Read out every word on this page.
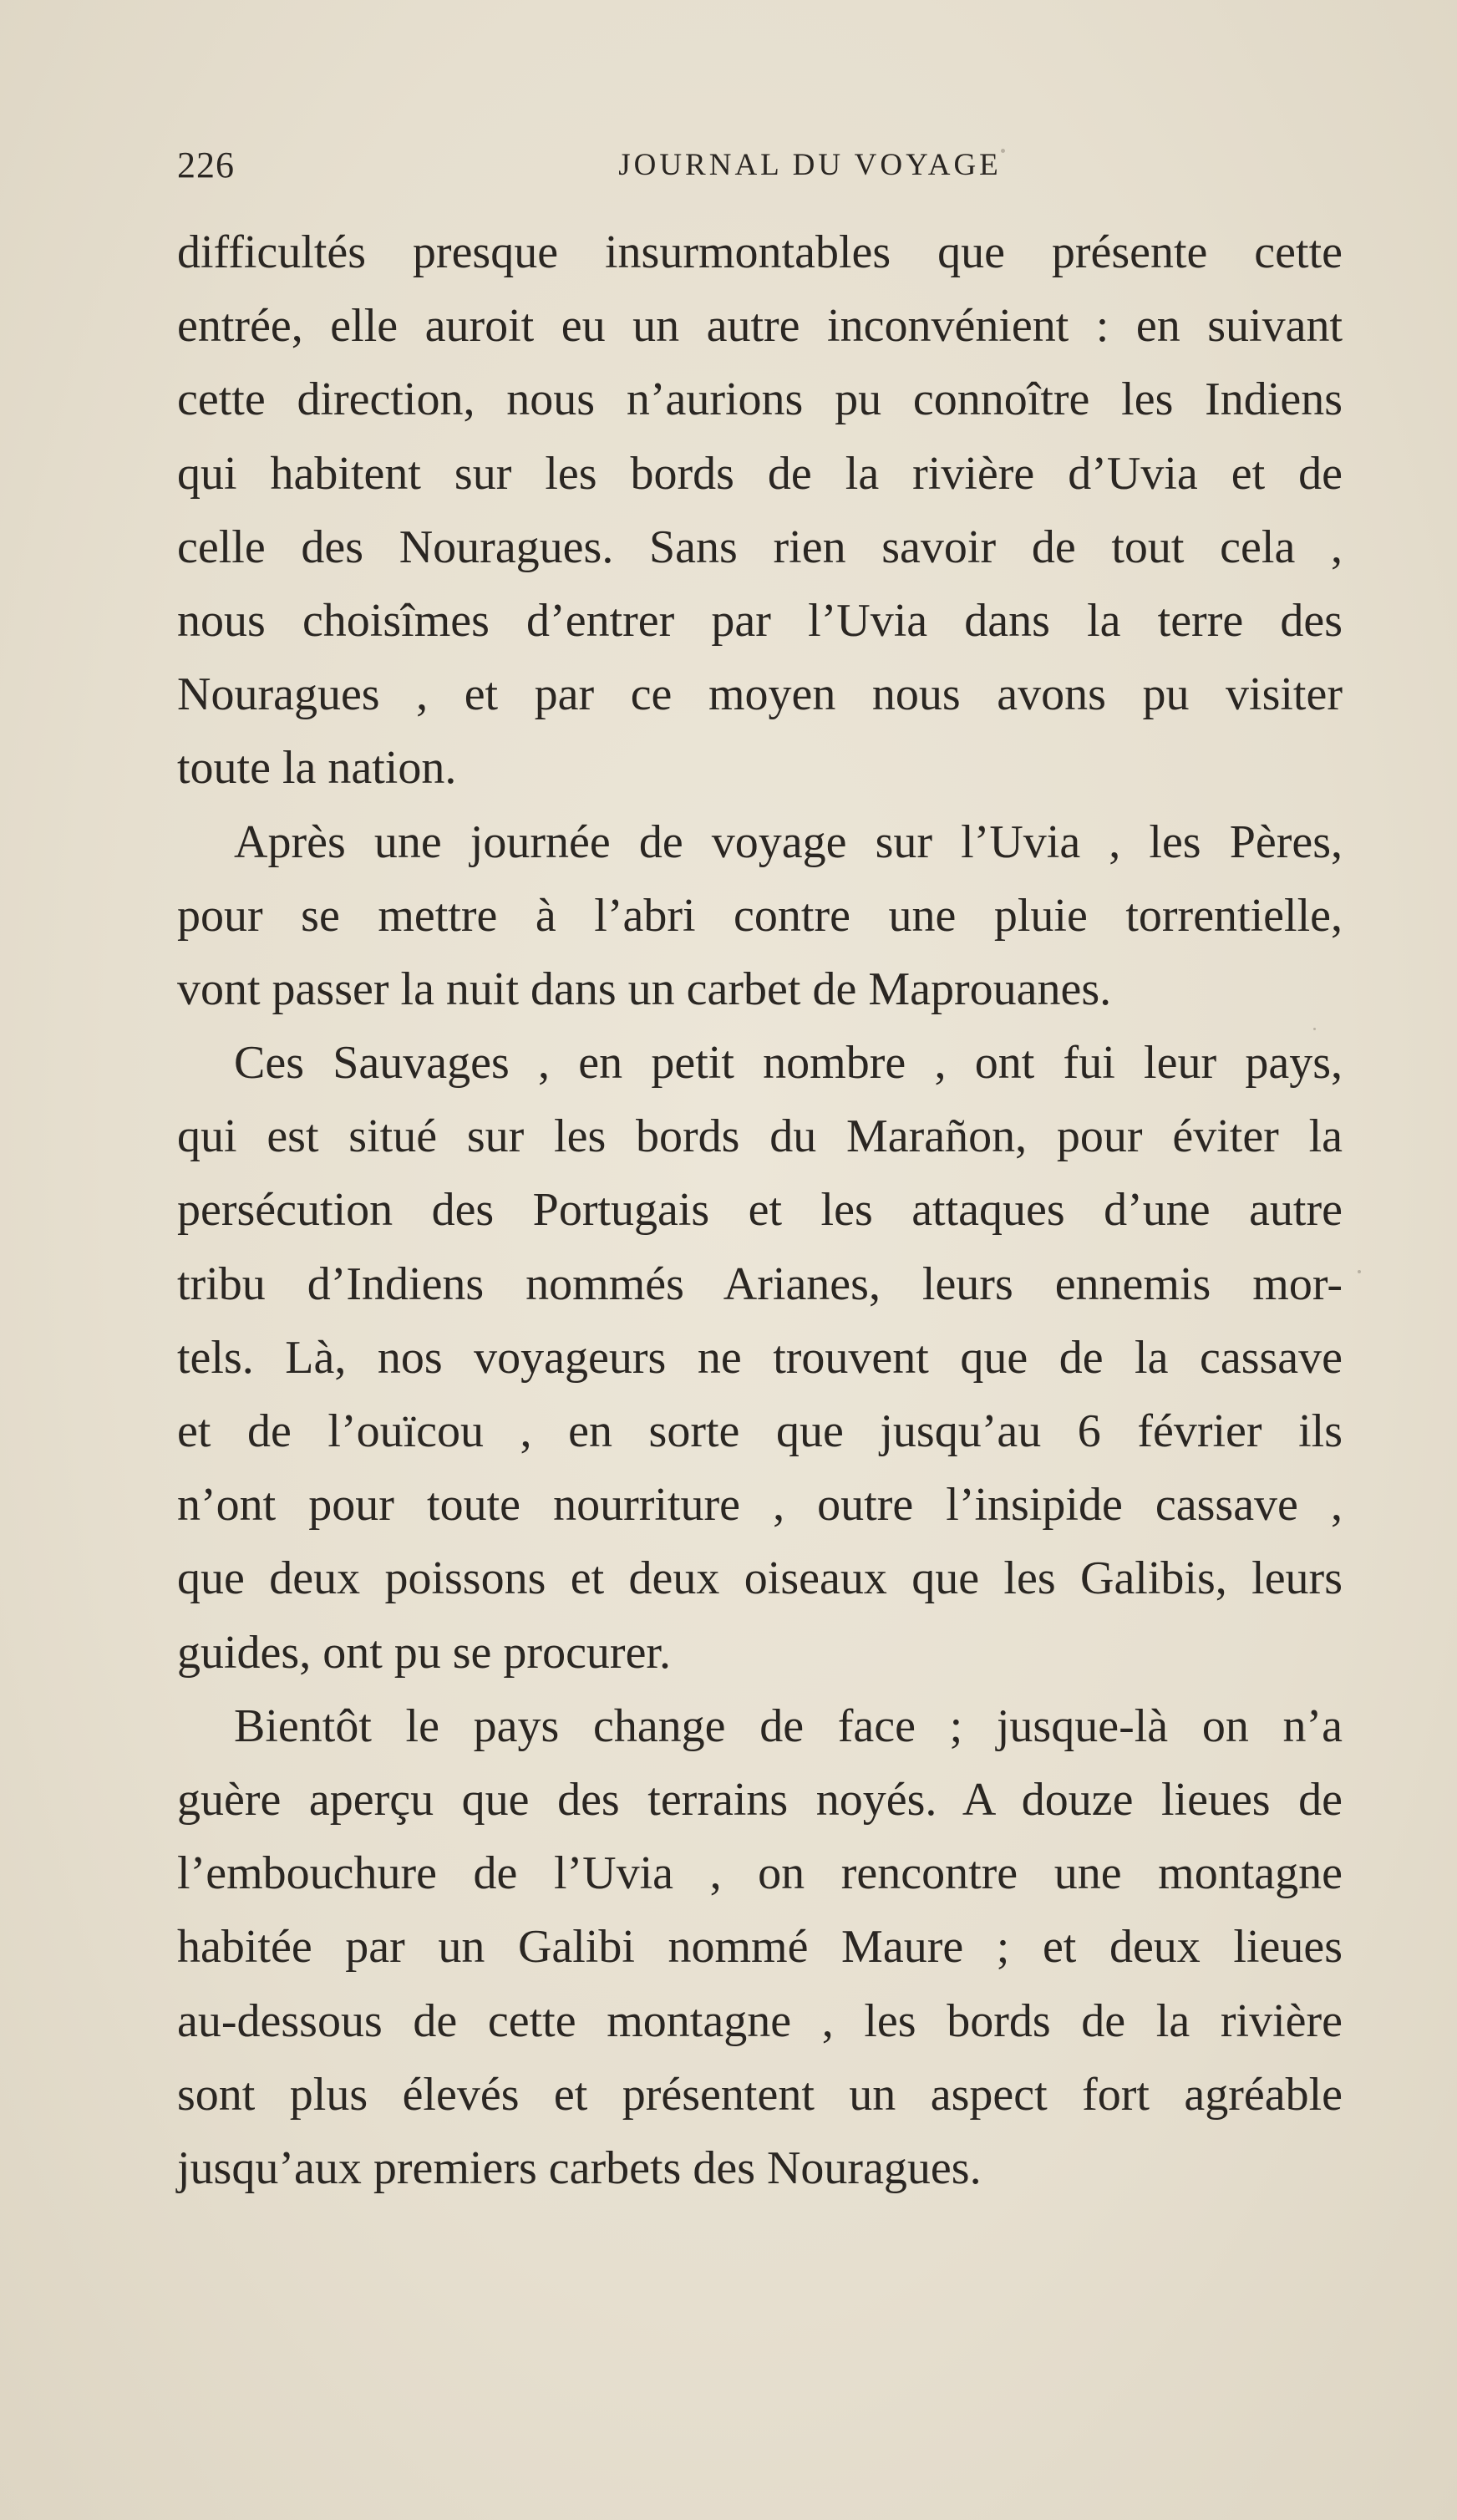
226	JOURNAL DU VOYAGE
difficultés presque insurmontables que présente cette
entrée, elle auroit eu un autre inconvénient : en suivant
cette direction, nous n’aurions pu connoître les Indiens
qui habitent sur les bords de la rivière d’Uvia et de
celle des Nouragues. Sans rien savoir de tout cela ,
nous choisîmes d’entrer par l’Uvia dans la terre des
Nouragues , et par ce moyen nous avons pu visiter
toute la nation.
Après une journée de voyage sur l’Uvia , les Pères,
pour se mettre à l’abri contre une pluie torrentielle,
vont passer la nuit dans un carbet de Maprouanes.
Ces Sauvages , en petit nombre , ont fui leur pays,
qui est situé sur les bords du Marañon, pour éviter la
persécution des Portugais et les attaques d’une autre
tribu d’Indiens nommés Arianes, leurs ennemis mor-
tels. Là, nos voyageurs ne trouvent que de la cassave
et de l’ouïcou , en sorte que jusqu’au 6 février ils
n’ont pour toute nourriture , outre l’insipide cassave ,
que deux poissons et deux oiseaux que les Galibis, leurs
guides, ont pu se procurer.
Bientôt le pays change de face ; jusque-là on n’a
guère aperçu que des terrains noyés. A douze lieues de
l’embouchure de l’Uvia , on rencontre une montagne
habitée par un Galibi nommé Maure ; et deux lieues
au-dessous de cette montagne , les bords de la rivière
sont plus élevés et présentent un aspect fort agréable
jusqu’aux premiers carbets des Nouragues.
